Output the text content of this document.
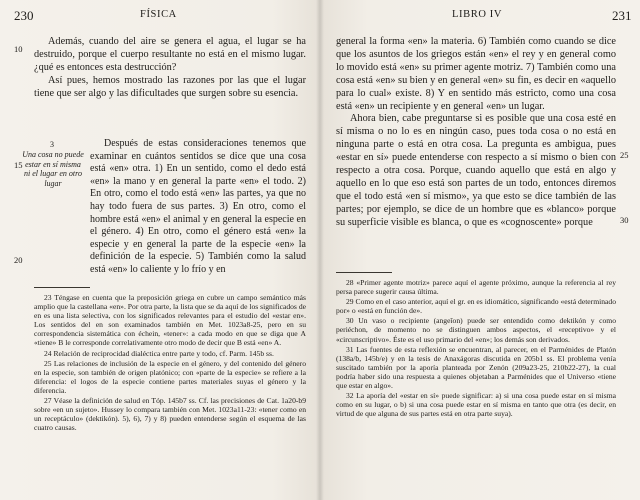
230	FÍSICA
10
15
20
3
Una cosa no puede estar en sí misma ni el lugar en otro lugar

Además, cuando del aire se genera el agua, el lugar se ha destruido, porque el cuerpo resultante no está en el mismo lugar. ¿qué es entonces esta destrucción?

Así pues, hemos mostrado las razones por las que el lugar tiene que ser algo y las dificultades que surgen sobre su esencia.

Después de estas consideraciones tenemos que examinar en cuántos sentidos se dice que una cosa está «en» otra. 1) En un sentido, como el dedo está «en» la mano y en general la parte «en» el todo. 2) En otro, como el todo está «en» las partes, ya que no hay todo fuera de sus partes. 3) En otro, como el hombre está «en» el animal y en general la especie en el género. 4) En otro, como el género está «en» la especie y en general la parte de la especie «en» la definición de la especie. 5) También como la salud está «en» lo caliente y lo frío y en

23 Téngase en cuenta que la preposición griega en cubre un campo semántico más amplio que la castellana «en». Por otra parte, la lista que se da aquí de los significados de en es una lista selectiva, con los significados relevantes para el estudio del «estar en». Los sentidos del en son examinados también en Met. 1023a8-25, pero en su correspondencia sistemática con échein, «tener»: a cada modo en que se diga que A «tiene» B le corresponde correlativamente otro modo de decir que B está «en» A.

24 Relación de reciprocidad dialéctica entre parte y todo, cf. Parm. 145b ss.

25 Las relaciones de inclusión de la especie en el género, y del contenido del género en la especie, son también de origen platónico; con «parte de la especie» se refiere a la diferencia: el logos de la especie contiene partes materiales suyas el género y la diferencia.

27 Véase la definición de salud en Tóp. 145b7 ss. Cf. las precisiones de Cat. 1a20-b9 sobre «en un sujeto». Hussey lo compara también con Met. 1023a11-23: «tener como en un receptáculo» (dektikón). 5), 6), 7) y 8) pueden entenderse según el esquema de las cuatro causas.

LIBRO IV	231
25
30

general la forma «en» la materia. 6) También como cuando se dice que los asuntos de los griegos están «en» el rey y en general como lo movido está «en» su primer agente motriz. 7) También como una cosa está «en» su bien y en general «en» su fin, es decir en «aquello para lo cual» existe. 8) Y en sentido más estricto, como una cosa está «en» un recipiente y en general «en» un lugar.

Ahora bien, cabe preguntarse si es posible que una cosa esté en sí misma o no lo es en ningún caso, pues toda cosa o no está en ninguna parte o está en otra cosa. La pregunta es ambigua, pues «estar en sí» puede entenderse con respecto a sí mismo o bien con respecto a otra cosa. Porque, cuando aquello que está en algo y aquello en lo que eso está son partes de un todo, entonces diremos que el todo está «en sí mismo», ya que esto se dice también de las partes; por ejemplo, se dice de un hombre que es «blanco» porque su superficie visible es blanca, o que es «cognoscente» porque

28 «Primer agente motriz» parece aquí el agente próximo, aunque la referencia al rey persa parece sugerir causa última.

29 Como en el caso anterior, aquí el gr. en es idiomático, significando «está determinado por» o «está en función de».

30 Un vaso o recipiente (angeîon) puede ser entendido como dektikón y como periéchon, de momento no se distinguen ambos aspectos, el «receptivo» y el «circunscriptivo». Éste es el uso primario del «en»; los demás son derivados.

31 Las fuentes de esta reflexión se encuentran, al parecer, en el Parménides de Platón (138a/b, 145b/e) y en la tesis de Anaxágoras discutida en 205b1 ss. El problema venía suscitado también por la aporía planteada por Zenón (209a23-25, 210b22-27), la cual podría haber sido una respuesta a quienes objetaban a Parménides que el Universo «tiene que estar en algo».

32 La aporía del «estar en sí» puede significar: a) si una cosa puede estar en sí misma como en su lugar, o b) si una cosa puede estar en sí misma en tanto que otra (es decir, en virtud de que alguna de sus partes está en otra parte suya).
